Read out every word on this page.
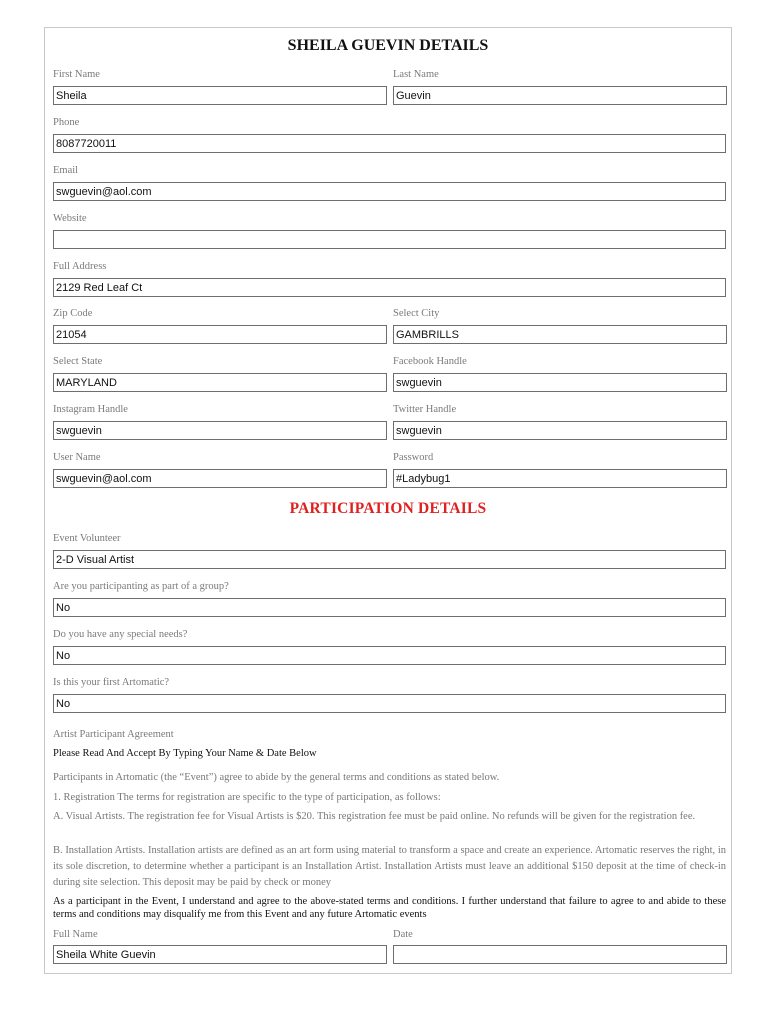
SHEILA GUEVIN DETAILS
First Name	Last Name
Sheila	Guevin
Phone
8087720011
Email
swguevin@aol.com
Website
Full Address
2129 Red Leaf Ct
Zip Code	Select City
21054	GAMBRILLS
Select State	Facebook Handle
MARYLAND	swguevin
Instagram Handle	Twitter Handle
swguevin	swguevin
User Name	Password
swguevin@aol.com	#Ladybug1
PARTICIPATION DETAILS
Event Volunteer
2-D Visual Artist
Are you participanting as part of a group?
No
Do you have any special needs?
No
Is this your first Artomatic?
No
Artist Participant Agreement
Please Read And Accept By Typing Your Name & Date Below
Participants in Artomatic (the “Event”) agree to abide by the general terms and conditions as stated below.
1. Registration The terms for registration are specific to the type of participation, as follows:
A. Visual Artists. The registration fee for Visual Artists is $20. This registration fee must be paid online. No refunds will be given for the registration fee.
B. Installation Artists. Installation artists are defined as an art form using material to transform a space and create an experience. Artomatic reserves the right, in its sole discretion, to determine whether a participant is an Installation Artist. Installation Artists must leave an additional $150 deposit at the time of check-in during site selection. This deposit may be paid by check or money
As a participant in the Event, I understand and agree to the above-stated terms and conditions. I further understand that failure to agree to and abide to these terms and conditions may disqualify me from this Event and any future Artomatic events
Full Name	Date
Sheila White Guevin
